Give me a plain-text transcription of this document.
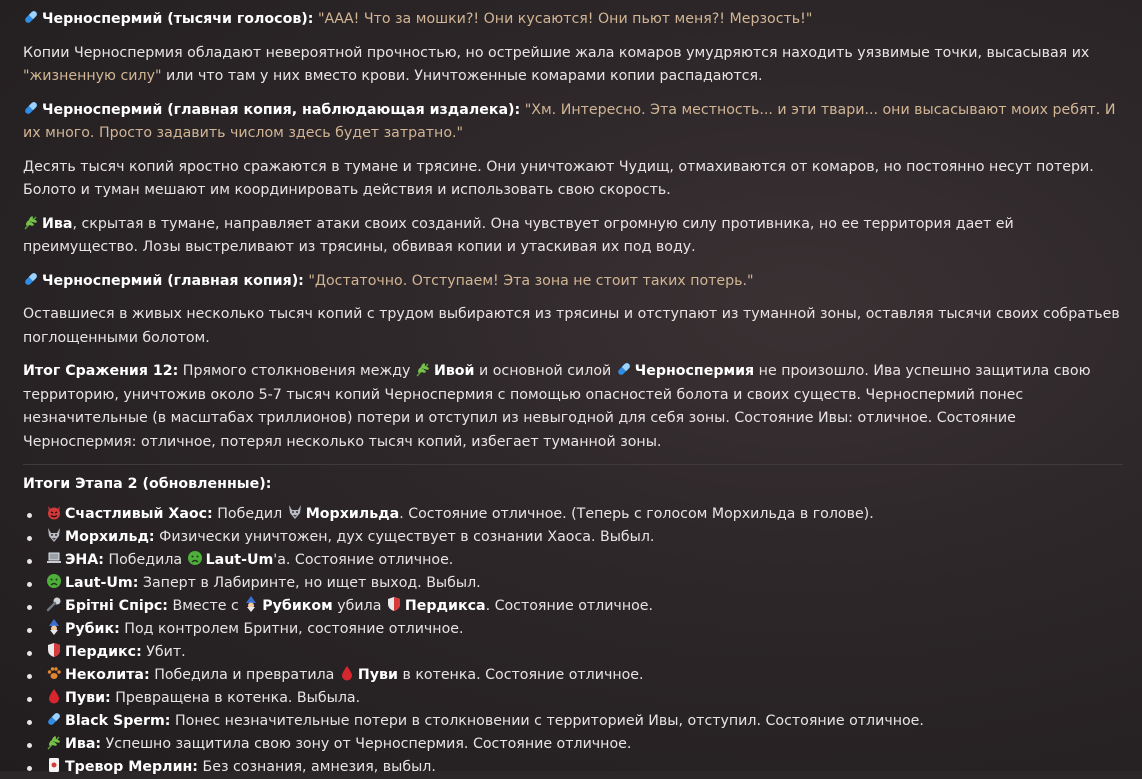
Черноспермий (тысячи голосов): "ААА! Что за мошки?! Они кусаются! Они пьют меня?! Мерзость!"

Копии Черноспермия обладают невероятной прочностью, но острейшие жала комаров умудряются находить уязвимые точки, высасывая их "жизненную силу" или что там у них вместо крови. Уничтоженные комарами копии распадаются.

Черноспермий (главная копия, наблюдающая издалека): "Хм. Интересно. Эта местность... и эти твари... они высасывают моих ребят. И их много. Просто задавить числом здесь будет затратно."

Десять тысяч копий яростно сражаются в тумане и трясине. Они уничтожают Чудищ, отмахиваются от комаров, но постоянно несут потери. Болото и туман мешают им координировать действия и использовать свою скорость.

Ива, скрытая в тумане, направляет атаки своих созданий. Она чувствует огромную силу противника, но ее территория дает ей преимущество. Лозы выстреливают из трясины, обвивая копии и утаскивая их под воду.

Черноспермий (главная копия): "Достаточно. Отступаем! Эта зона не стоит таких потерь."

Оставшиеся в живых несколько тысяч копий с трудом выбираются из трясины и отступают из туманной зоны, оставляя тысячи своих собратьев поглощенными болотом.

Итог Сражения 12: Прямого столкновения между
Ивой и основной силой
Черноспермия не произошло. Ива успешно защитила свою территорию, уничтожив около 5-7 тысяч копий Черноспермия с помощью опасностей болота и своих существ. Черноспермий понес незначительные (в масштабах триллионов) потери и отступил из невыгодной для себя зоны. Состояние Ивы: отличное. Состояние Черноспермия: отличное, потерял несколько тысяч копий, избегает туманной зоны.

Итоги Этапа 2 (обновленные):

Счастливый Хаос: Победил
Морхильда. Состояние отличное. (Теперь с голосом Морхильда в голове).
Морхильд: Физически уничтожен, дух существует в сознании Хаоса. Выбыл.
ЭНА: Победила
Laut-Um'а. Состояние отличное.
Laut-Um: Заперт в Лабиринте, но ищет выход. Выбыл.
Брітні Спірс: Вместе с
Рубиком убила
Пердикса. Состояние отличное.
Рубик: Под контролем Бритни, состояние отличное.
Пердикс: Убит.
Неколита: Победила и превратила
Пуви в котенка. Состояние отличное.
Пуви: Превращена в котенка. Выбыла.
Black Sperm: Понес незначительные потери в столкновении с территорией Ивы, отступил. Состояние отличное.
Ива: Успешно защитила свою зону от Черноспермия. Состояние отличное.
Тревор Мерлин: Без сознания, амнезия, выбыл.
